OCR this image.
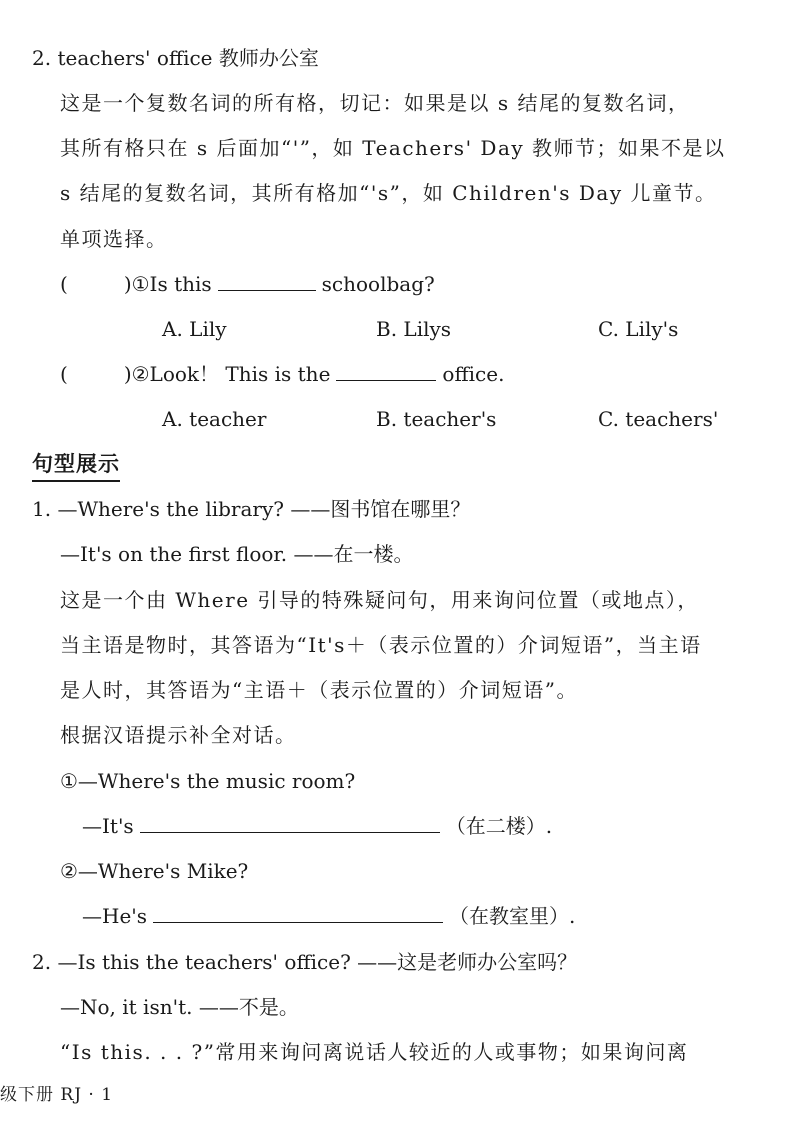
2. teachers' office 教师办公室
这是一个复数名词的所有格，切记：如果是以 s 结尾的复数名词，
其所有格只在 s 后面加“'”，如 Teachers' Day 教师节；如果不是以
s 结尾的复数名词，其所有格加“'s”，如 Children's Day 儿童节。
单项选择。
(	)①Is this	schoolbag?
A. Lily	B. Lilys	C. Lily's
(	)②Look！ This is the	office.
A. teacher	B. teacher's	C. teachers'
句型展示
1. —Where's the library? ——图书馆在哪里？
—It's on the first floor. ——在一楼。
这是一个由 Where 引导的特殊疑问句，用来询问位置（或地点），
当主语是物时，其答语为“It's＋（表示位置的）介词短语”，当主语
是人时，其答语为“主语＋（表示位置的）介词短语”。
根据汉语提示补全对话。
①—Where's the music room?
—It's	（在二楼）.
②—Where's Mike?
—He's	（在教室里）.
2. —Is this the teachers' office? ——这是老师办公室吗？
—No, it isn't. ——不是。
“Is this. . . ?”常用来询问离说话人较近的人或事物；如果询问离
级下册 RJ · 1
